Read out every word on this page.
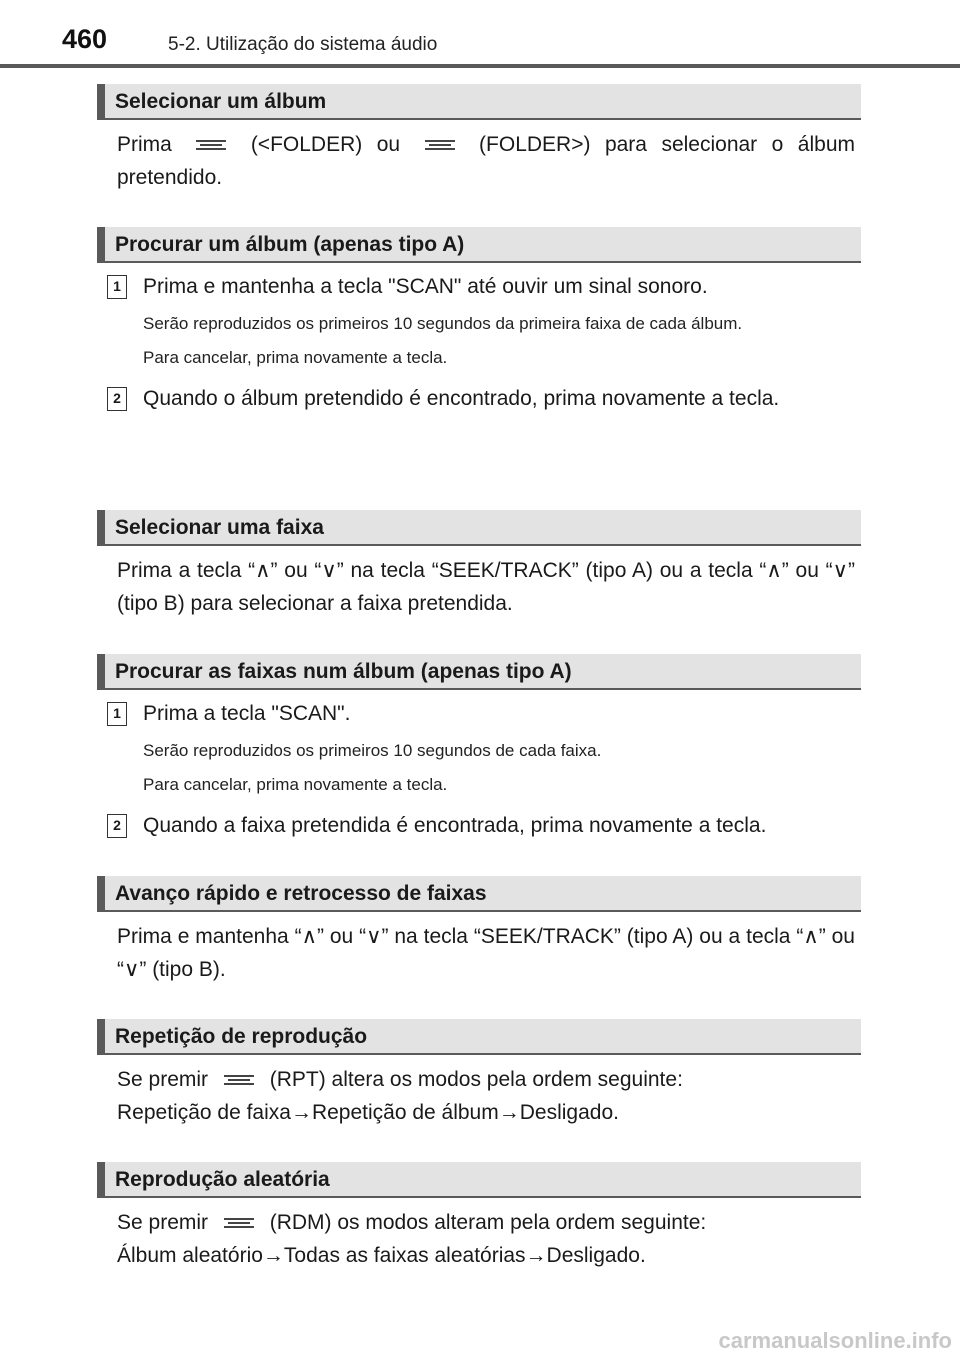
460	5-2. Utilização do sistema áudio
Selecionar um álbum

Prima	(<FOLDER) ou	(FOLDER>) para selecionar o álbum pretendido.

Procurar um álbum (apenas tipo A)
1 Prima e mantenha a tecla "SCAN" até ouvir um sinal sonoro.
Serão reproduzidos os primeiros 10 segundos da primeira faixa de cada álbum.
Para cancelar, prima novamente a tecla.
2 Quando o álbum pretendido é encontrado, prima novamente a tecla.
Selecionar uma faixa

Prima a tecla “∧” ou “∨” na tecla “SEEK/TRACK” (tipo A) ou a tecla “∧” ou “∨” (tipo B) para selecionar a faixa pretendida.

Procurar as faixas num álbum (apenas tipo A)
1 Prima a tecla "SCAN".
Serão reproduzidos os primeiros 10 segundos de cada faixa.
Para cancelar, prima novamente a tecla.
2 Quando a faixa pretendida é encontrada, prima novamente a tecla.
Avanço rápido e retrocesso de faixas

Prima e mantenha “∧” ou “∨” na tecla “SEEK/TRACK” (tipo A) ou a tecla “∧” ou “∨” (tipo B).

Repetição de reprodução

Se premir	(RPT) altera os modos pela ordem seguinte:

Repetição de faixa→Repetição de álbum→Desligado.

Reprodução aleatória

Se premir	(RDM) os modos alteram pela ordem seguinte:

Álbum aleatório→Todas as faixas aleatórias→Desligado.

carmanualsonline.info
